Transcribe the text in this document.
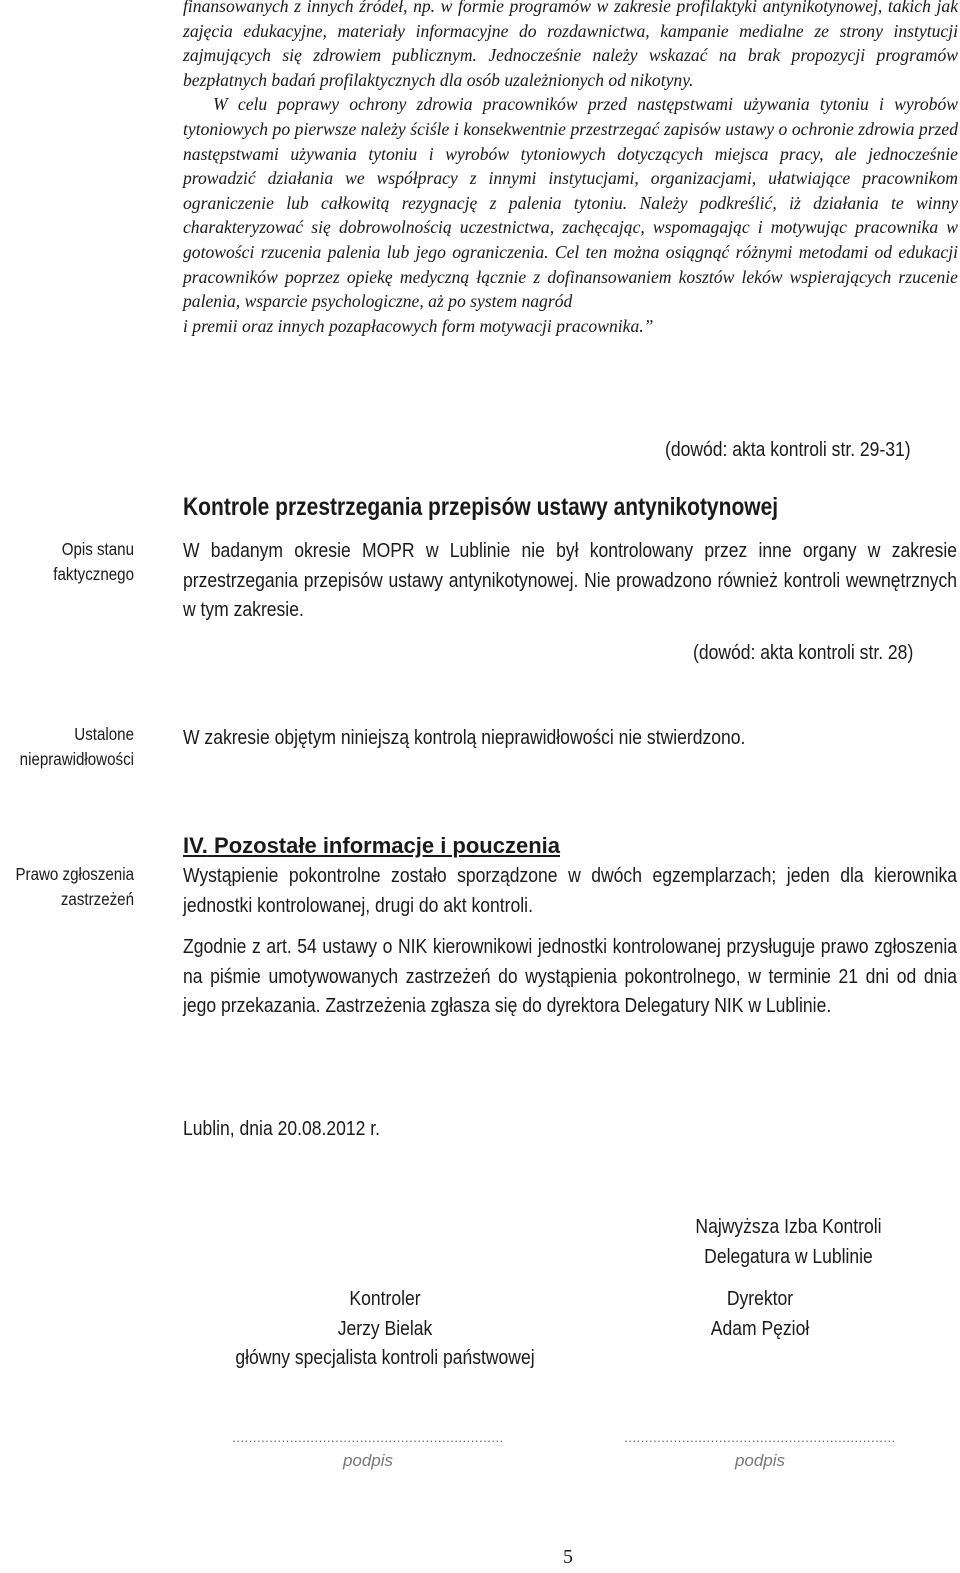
finansowanych z innych źródeł, np. w formie programów w zakresie profilaktyki antynikotynowej, takich jak zajęcia edukacyjne, materiały informacyjne do rozdawnictwa, kampanie medialne ze strony instytucji zajmujących się zdrowiem publicznym. Jednocześnie należy wskazać na brak propozycji programów bezpłatnych badań profilaktycznych dla osób uzależnionych od nikotyny.

W celu poprawy ochrony zdrowia pracowników przed następstwami używania tytoniu i wyrobów tytoniowych po pierwsze należy ściśle i konsekwentnie przestrzegać zapisów ustawy o ochronie zdrowia przed następstwami używania tytoniu i wyrobów tytoniowych dotyczących miejsca pracy, ale jednocześnie prowadzić działania we współpracy z innymi instytucjami, organizacjami, ułatwiające pracownikom ograniczenie lub całkowitą rezygnację z palenia tytoniu. Należy podkreślić, iż działania te winny charakteryzować się dobrowolnością uczestnictwa, zachęcając, wspomagając i motywując pracownika w gotowości rzucenia palenia lub jego ograniczenia. Cel ten można osiągnąć różnymi metodami od edukacji pracowników poprzez opiekę medyczną łącznie z dofinansowaniem kosztów leków wspierających rzucenie palenia, wsparcie psychologiczne, aż po system nagród

i premii oraz innych pozapłacowych form motywacji pracownika.”

(dowód: akta kontroli str. 29-31)
Kontrole przestrzegania przepisów ustawy antynikotynowej
Opis stanu
faktycznego
W badanym okresie MOPR w Lublinie nie był kontrolowany przez inne organy w zakresie przestrzegania przepisów ustawy antynikotynowej. Nie prowadzono również kontroli wewnętrznych w tym zakresie.
(dowód: akta kontroli str. 28)
Ustalone
nieprawidłowości
W zakresie objętym niniejszą kontrolą nieprawidłowości nie stwierdzono.
Prawo zgłoszenia
zastrzeżeń
IV. Pozostałe informacje i pouczenia
Wystąpienie pokontrolne zostało sporządzone w dwóch egzemplarzach; jeden dla kierownika jednostki kontrolowanej, drugi do akt kontroli.
Zgodnie z art. 54 ustawy o NIK kierownikowi jednostki kontrolowanej przysługuje prawo zgłoszenia na piśmie umotywowanych zastrzeżeń do wystąpienia pokontrolnego, w terminie 21 dni od dnia jego przekazania. Zastrzeżenia zgłasza się do dyrektora Delegatury NIK w Lublinie.
Lublin, dnia 20.08.2012 r.
Najwyższa Izba Kontroli
Delegatura w Lublinie
Kontroler
Jerzy Bielak
główny specjalista kontroli państwowej
Dyrektor
Adam Pęzioł
..................................................................
podpis
..................................................................
podpis
5
